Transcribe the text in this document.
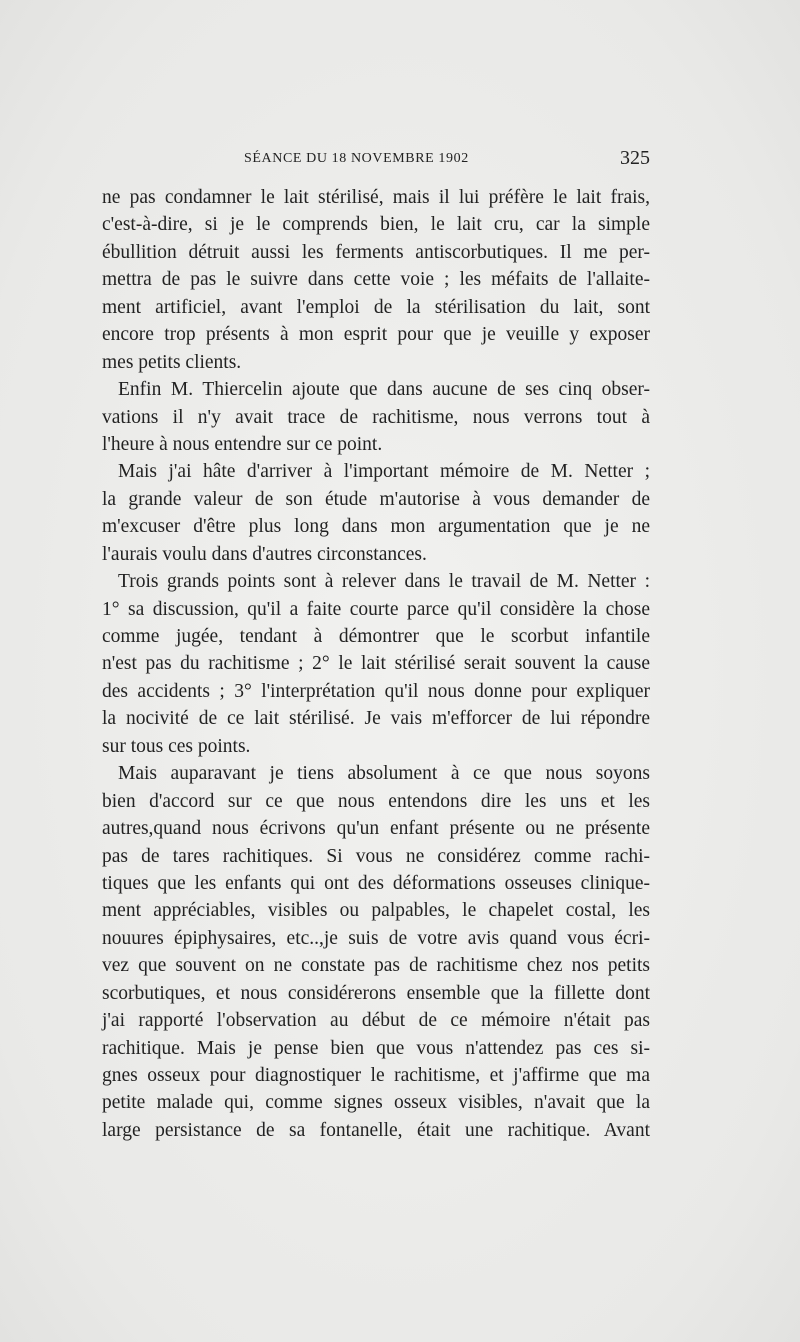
SÉANCE DU 18 NOVEMBRE 1902	325
ne pas condamner le lait stérilisé, mais il lui préfère le lait frais,
c'est-à-dire, si je le comprends bien, le lait cru, car la simple
ébullition détruit aussi les ferments antiscorbutiques. Il me per-
mettra de pas le suivre dans cette voie ; les méfaits de l'allaite-
ment artificiel, avant l'emploi de la stérilisation du lait, sont
encore trop présents à mon esprit pour que je veuille y exposer
mes petits clients.
Enfin M. Thiercelin ajoute que dans aucune de ses cinq obser-
vations il n'y avait trace de rachitisme, nous verrons tout à
l'heure à nous entendre sur ce point.
Mais j'ai hâte d'arriver à l'important mémoire de M. Netter ;
la grande valeur de son étude m'autorise à vous demander de
m'excuser d'être plus long dans mon argumentation que je ne
l'aurais voulu dans d'autres circonstances.
Trois grands points sont à relever dans le travail de M. Netter :
1° sa discussion, qu'il a faite courte parce qu'il considère la chose
comme jugée, tendant à démontrer que le scorbut infantile
n'est pas du rachitisme ; 2° le lait stérilisé serait souvent la cause
des accidents ; 3° l'interprétation qu'il nous donne pour expliquer
la nocivité de ce lait stérilisé. Je vais m'efforcer de lui répondre
sur tous ces points.
Mais auparavant je tiens absolument à ce que nous soyons
bien d'accord sur ce que nous entendons dire les uns et les
autres,quand nous écrivons qu'un enfant présente ou ne présente
pas de tares rachitiques. Si vous ne considérez comme rachi-
tiques que les enfants qui ont des déformations osseuses clinique-
ment appréciables, visibles ou palpables, le chapelet costal, les
nouures épiphysaires, etc..,je suis de votre avis quand vous écri-
vez que souvent on ne constate pas de rachitisme chez nos petits
scorbutiques, et nous considérerons ensemble que la fillette dont
j'ai rapporté l'observation au début de ce mémoire n'était pas
rachitique. Mais je pense bien que vous n'attendez pas ces si-
gnes osseux pour diagnostiquer le rachitisme, et j'affirme que ma
petite malade qui, comme signes osseux visibles, n'avait que la
large persistance de sa fontanelle, était une rachitique. Avant
